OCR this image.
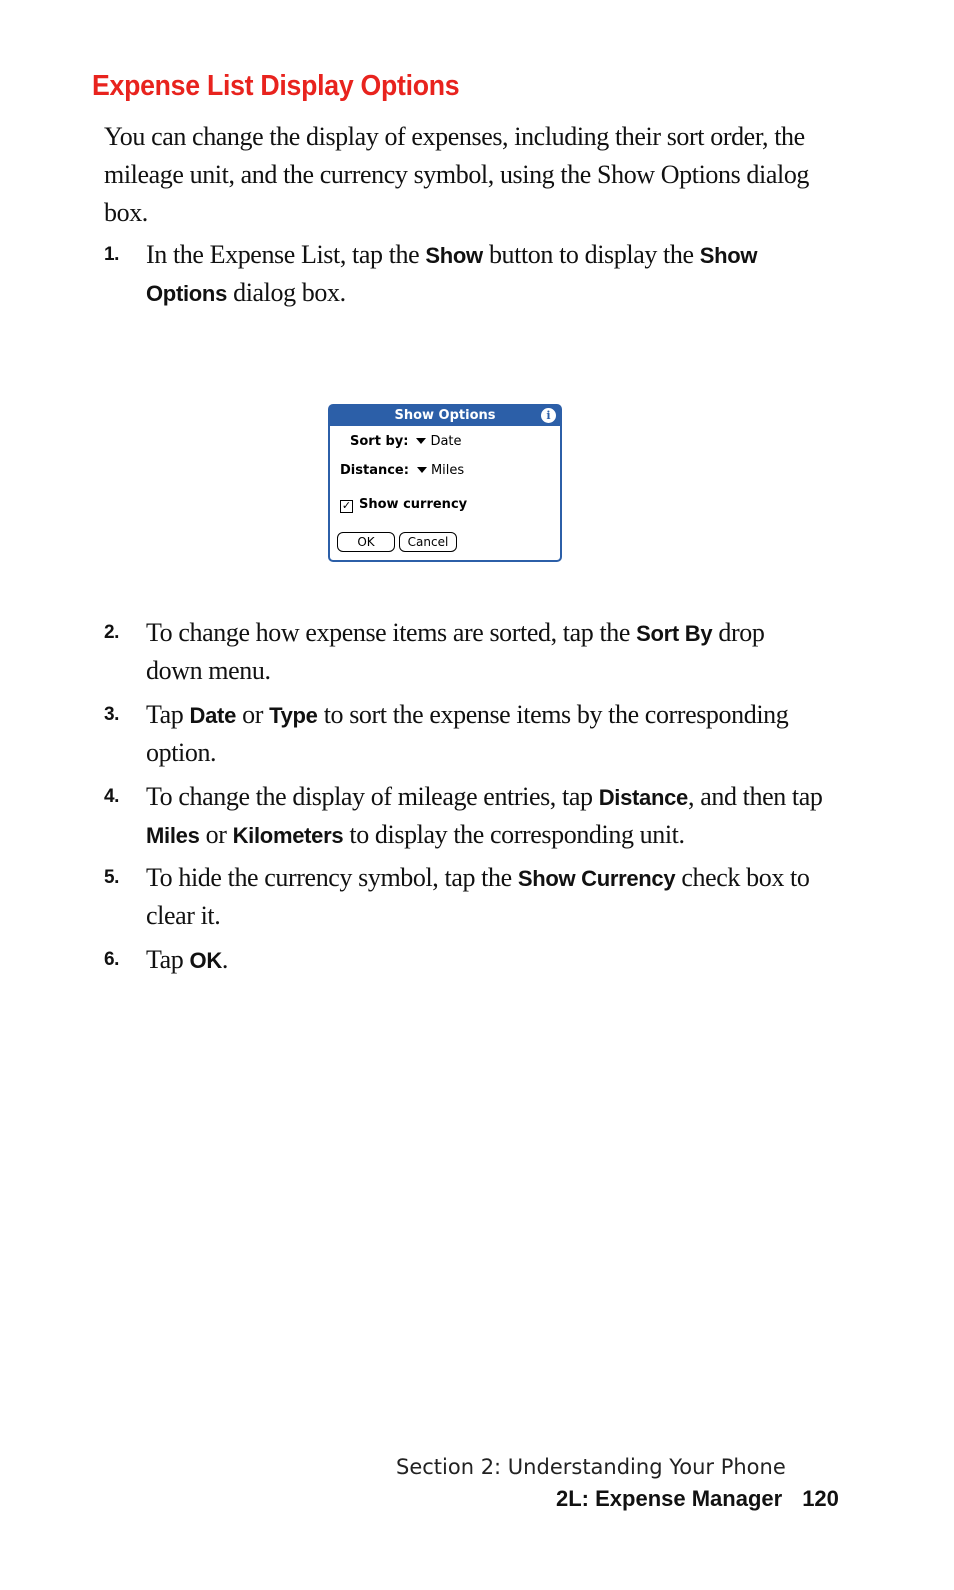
Expense List Display Options
You can change the display of expenses, including their sort order, the mileage unit, and the currency symbol, using the Show Options dialog box.
1. In the Expense List, tap the Show button to display the Show Options dialog box.
Show Options	i
Sort by: Date
Distance: Miles
✓ Show currency
OK	Cancel
2. To change how expense items are sorted, tap the Sort By drop down menu.
3. Tap Date or Type to sort the expense items by the corresponding option.
4. To change the display of mileage entries, tap Distance, and then tap Miles or Kilometers to display the corresponding unit.
5. To hide the currency symbol, tap the Show Currency check box to clear it.
6. Tap OK.
Section 2: Understanding Your Phone
2L: Expense Manager 120
